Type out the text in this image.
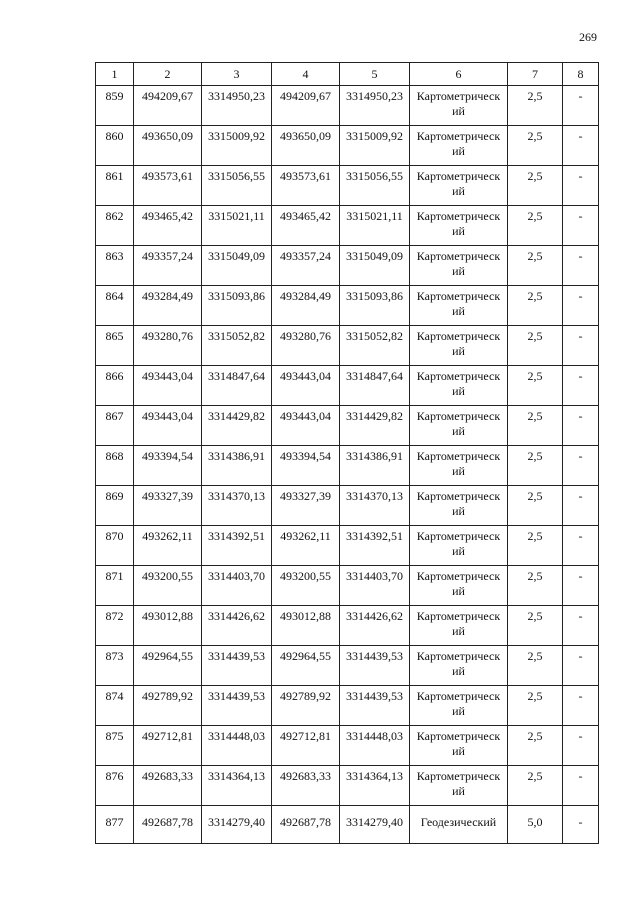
269
1	2	3	4	5	6	7	8
859	494209,67	3314950,23	494209,67	3314950,23	Картометрическ ий	2,5	-
860	493650,09	3315009,92	493650,09	3315009,92	Картометрическ ий	2,5	-
861	493573,61	3315056,55	493573,61	3315056,55	Картометрическ ий	2,5	-
862	493465,42	3315021,11	493465,42	3315021,11	Картометрическ ий	2,5	-
863	493357,24	3315049,09	493357,24	3315049,09	Картометрическ ий	2,5	-
864	493284,49	3315093,86	493284,49	3315093,86	Картометрическ ий	2,5	-
865	493280,76	3315052,82	493280,76	3315052,82	Картометрическ ий	2,5	-
866	493443,04	3314847,64	493443,04	3314847,64	Картометрическ ий	2,5	-
867	493443,04	3314429,82	493443,04	3314429,82	Картометрическ ий	2,5	-
868	493394,54	3314386,91	493394,54	3314386,91	Картометрическ ий	2,5	-
869	493327,39	3314370,13	493327,39	3314370,13	Картометрическ ий	2,5	-
870	493262,11	3314392,51	493262,11	3314392,51	Картометрическ ий	2,5	-
871	493200,55	3314403,70	493200,55	3314403,70	Картометрическ ий	2,5	-
872	493012,88	3314426,62	493012,88	3314426,62	Картометрическ ий	2,5	-
873	492964,55	3314439,53	492964,55	3314439,53	Картометрическ ий	2,5	-
874	492789,92	3314439,53	492789,92	3314439,53	Картометрическ ий	2,5	-
875	492712,81	3314448,03	492712,81	3314448,03	Картометрическ ий	2,5	-
876	492683,33	3314364,13	492683,33	3314364,13	Картометрическ ий	2,5	-
877	492687,78	3314279,40	492687,78	3314279,40	Геодезический	5,0	-
